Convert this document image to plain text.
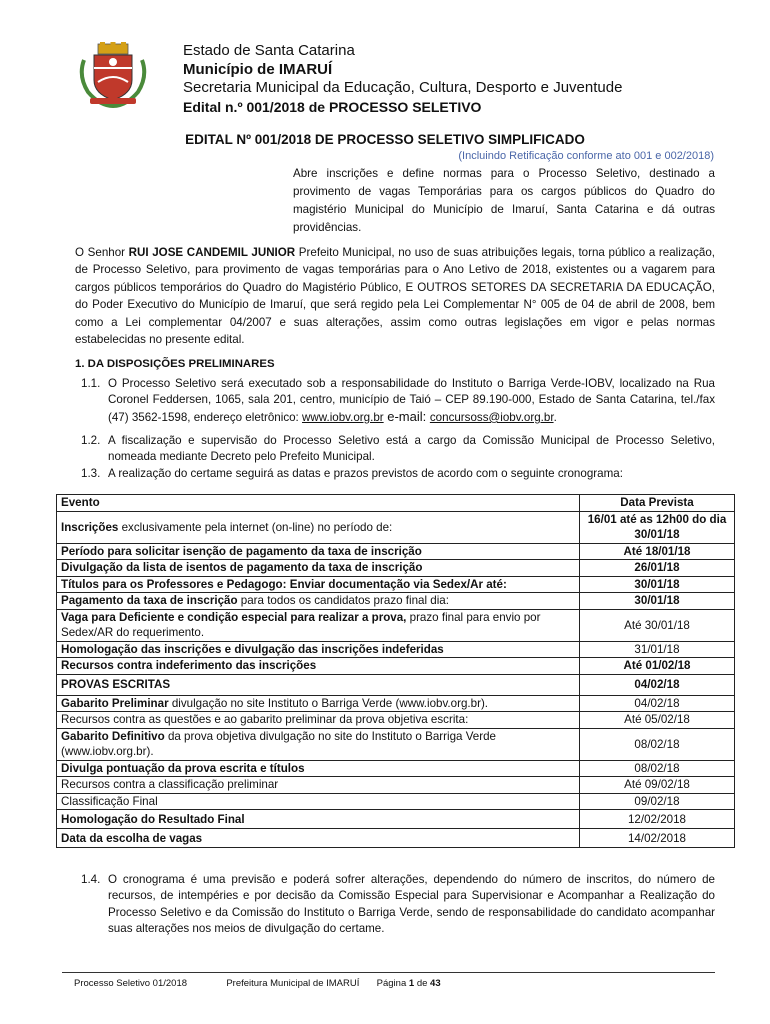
Estado de Santa Catarina
Município de IMARUÍ
Secretaria Municipal da Educação, Cultura, Desporto e Juventude
Edital n.º 001/2018 de PROCESSO SELETIVO
EDITAL Nº 001/2018 DE PROCESSO SELETIVO SIMPLIFICADO
(Incluindo Retificação conforme ato 001 e 002/2018)
Abre inscrições e define normas para o Processo Seletivo, destinado a provimento de vagas Temporárias para os cargos públicos do Quadro do magistério Municipal do Município de Imaruí, Santa Catarina e dá outras providências.
O Senhor RUI JOSE CANDEMIL JUNIOR Prefeito Municipal, no uso de suas atribuições legais, torna público a realização, de Processo Seletivo, para provimento de vagas temporárias para o Ano Letivo de 2018, existentes ou a vagarem para cargos públicos temporários do Quadro do Magistério Público, E OUTROS SETORES DA SECRETARIA DA EDUCAÇÃO, do Poder Executivo do Município de Imaruí, que será regido pela Lei Complementar N° 005 de 04 de abril de 2008, bem como a Lei complementar 04/2007 e suas alterações, assim como outras legislações em vigor e pelas normas estabelecidas no presente edital.
1. DA DISPOSIÇÕES PRELIMINARES
1.1. O Processo Seletivo será executado sob a responsabilidade do Instituto o Barriga Verde-IOBV, localizado na Rua Coronel Feddersen, 1065, sala 201, centro, município de Taió – CEP 89.190-000, Estado de Santa Catarina, tel./fax (47) 3562-1598, endereço eletrônico: www.iobv.org.br e-mail: concursoss@iobv.org.br.
1.2. A fiscalização e supervisão do Processo Seletivo está a cargo da Comissão Municipal de Processo Seletivo, nomeada mediante Decreto pelo Prefeito Municipal.
1.3. A realização do certame seguirá as datas e prazos previstos de acordo com o seguinte cronograma:
Evento	Data Prevista
Inscrições exclusivamente pela internet (on-line) no período de:	16/01 até as 12h00 do dia 30/01/18
Período para solicitar isenção de pagamento da taxa de inscrição	Até 18/01/18
Divulgação da lista de isentos de pagamento da taxa de inscrição	26/01/18
Títulos para os Professores e Pedagogo: Enviar documentação via Sedex/Ar até:	30/01/18
Pagamento da taxa de inscrição para todos os candidatos prazo final dia:	30/01/18
Vaga para Deficiente e condição especial para realizar a prova, prazo final para envio por Sedex/AR do requerimento.	Até 30/01/18
Homologação das inscrições e divulgação das inscrições indeferidas	31/01/18
Recursos contra indeferimento das inscrições	Até 01/02/18
PROVAS ESCRITAS	04/02/18
Gabarito Preliminar divulgação no site Instituto o Barriga Verde (www.iobv.org.br).	04/02/18
Recursos contra as questões e ao gabarito preliminar da prova objetiva escrita:	Até 05/02/18
Gabarito Definitivo da prova objetiva divulgação no site do Instituto o Barriga Verde (www.iobv.org.br).	08/02/18
Divulga pontuação da prova escrita e títulos	08/02/18
Recursos contra a classificação preliminar	Até 09/02/18
Classificação Final	09/02/18
Homologação do Resultado Final	12/02/2018
Data da escolha de vagas	14/02/2018
1.4. O cronograma é uma previsão e poderá sofrer alterações, dependendo do número de inscritos, do número de recursos, de intempéries e por decisão da Comissão Especial para Supervisionar e Acompanhar a Realização do Processo Seletivo e da Comissão do Instituto o Barriga Verde, sendo de responsabilidade do candidato acompanhar suas alterações nos meios de divulgação do certame.
Processo Seletivo 01/2018	Prefeitura Municipal de IMARUÍ Página 1 de 43
